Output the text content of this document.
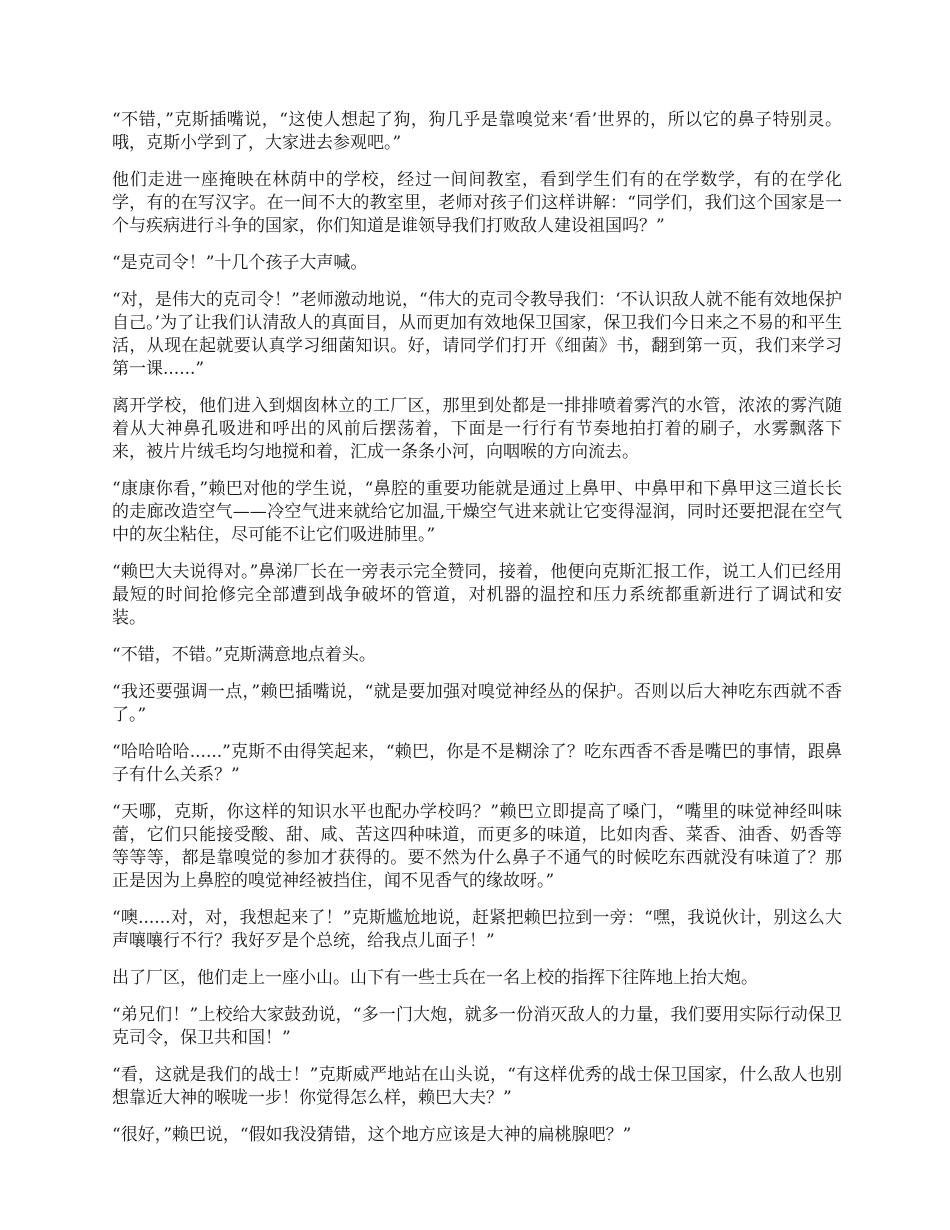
“不错，”克斯插嘴说，“这使人想起了狗，狗几乎是靠嗅觉来‘看’世界的，所以它的鼻子特别灵。哦，克斯小学到了，大家进去参观吧。”

他们走进一座掩映在林荫中的学校，经过一间间教室，看到学生们有的在学数学，有的在学化学，有的在写汉字。在一间不大的教室里，老师对孩子们这样讲解：“同学们，我们这个国家是一个与疾病进行斗争的国家，你们知道是谁领导我们打败敌人建设祖国吗？”

“是克司令！”十几个孩子大声喊。

“对，是伟大的克司令！”老师激动地说，“伟大的克司令教导我们：‘不认识敌人就不能有效地保护自己。’为了让我们认清敌人的真面目，从而更加有效地保卫国家，保卫我们今日来之不易的和平生活，从现在起就要认真学习细菌知识。好，请同学们打开《细菌》书，翻到第一页，我们来学习第一课......”

离开学校，他们进入到烟囱林立的工厂区，那里到处都是一排排喷着雾汽的水管，浓浓的雾汽随着从大神鼻孔吸进和呼出的风前后摆荡着，下面是一行行有节奏地拍打着的刷子，水雾飘落下来，被片片绒毛均匀地搅和着，汇成一条条小河，向咽喉的方向流去。

“康康你看，”赖巴对他的学生说，“鼻腔的重要功能就是通过上鼻甲、中鼻甲和下鼻甲这三道长长的走廊改造空气——冷空气进来就给它加温,干燥空气进来就让它变得湿润，同时还要把混在空气中的灰尘粘住，尽可能不让它们吸进肺里。”

“赖巴大夫说得对。”鼻涕厂长在一旁表示完全赞同，接着，他便向克斯汇报工作，说工人们已经用最短的时间抢修完全部遭到战争破坏的管道，对机器的温控和压力系统都重新进行了调试和安装。

“不错，不错。”克斯满意地点着头。

“我还要强调一点，”赖巴插嘴说，“就是要加强对嗅觉神经丛的保护。否则以后大神吃东西就不香了。”

“哈哈哈哈......”克斯不由得笑起来，“赖巴，你是不是糊涂了？吃东西香不香是嘴巴的事情，跟鼻子有什么关系？”

“天哪，克斯，你这样的知识水平也配办学校吗？”赖巴立即提高了嗓门，“嘴里的味觉神经叫味蕾，它们只能接受酸、甜、咸、苦这四种味道，而更多的味道，比如肉香、菜香、油香、奶香等等等等，都是靠嗅觉的参加才获得的。要不然为什么鼻子不通气的时候吃东西就没有味道了？那正是因为上鼻腔的嗅觉神经被挡住，闻不见香气的缘故呀。”

“噢......对，对，我想起来了！”克斯尴尬地说，赶紧把赖巴拉到一旁：“嘿，我说伙计，别这么大声嚷嚷行不行？我好歹是个总统，给我点儿面子！”

出了厂区，他们走上一座小山。山下有一些士兵在一名上校的指挥下往阵地上抬大炮。

“弟兄们！”上校给大家鼓劲说，“多一门大炮，就多一份消灭敌人的力量，我们要用实际行动保卫克司令，保卫共和国！”

“看，这就是我们的战士！”克斯威严地站在山头说，“有这样优秀的战士保卫国家，什么敌人也别想靠近大神的喉咙一步！你觉得怎么样，赖巴大夫？”

“很好，”赖巴说，“假如我没猜错，这个地方应该是大神的扁桃腺吧？”
